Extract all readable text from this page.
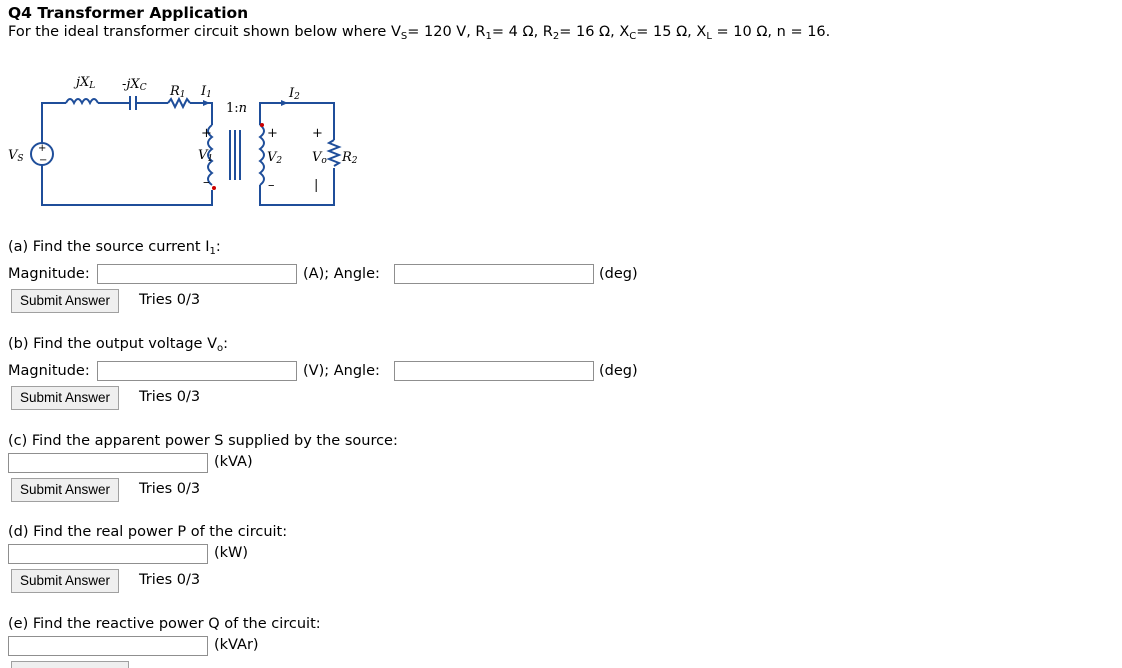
Q4 Transformer Application
For the ideal transformer circuit shown below where $V_S= 120$ V, $R_1= 4$ Ω, $R_2= 16$ Ω, $X_C= 15$ Ω, $X_L = 10$ Ω, n = 16.
+
−
jXL -jXC R1 I1
1:n
I2
VS
+
V1
–
+
V2
–
+
Vo
|
R2
(a) Find the source current $I_1$:
Magnitude:	(A); Angle:	(deg)
Submit Answer	Tries 0/3
(b) Find the output voltage $V_o$:
Magnitude:	(V); Angle:	(deg)
Submit Answer	Tries 0/3
(c) Find the apparent power S supplied by the source:
(kVA)
Submit Answer	Tries 0/3
(d) Find the real power P of the circuit:
(kW)
Submit Answer	Tries 0/3
(e) Find the reactive power Q of the circuit:
(kVAr)
